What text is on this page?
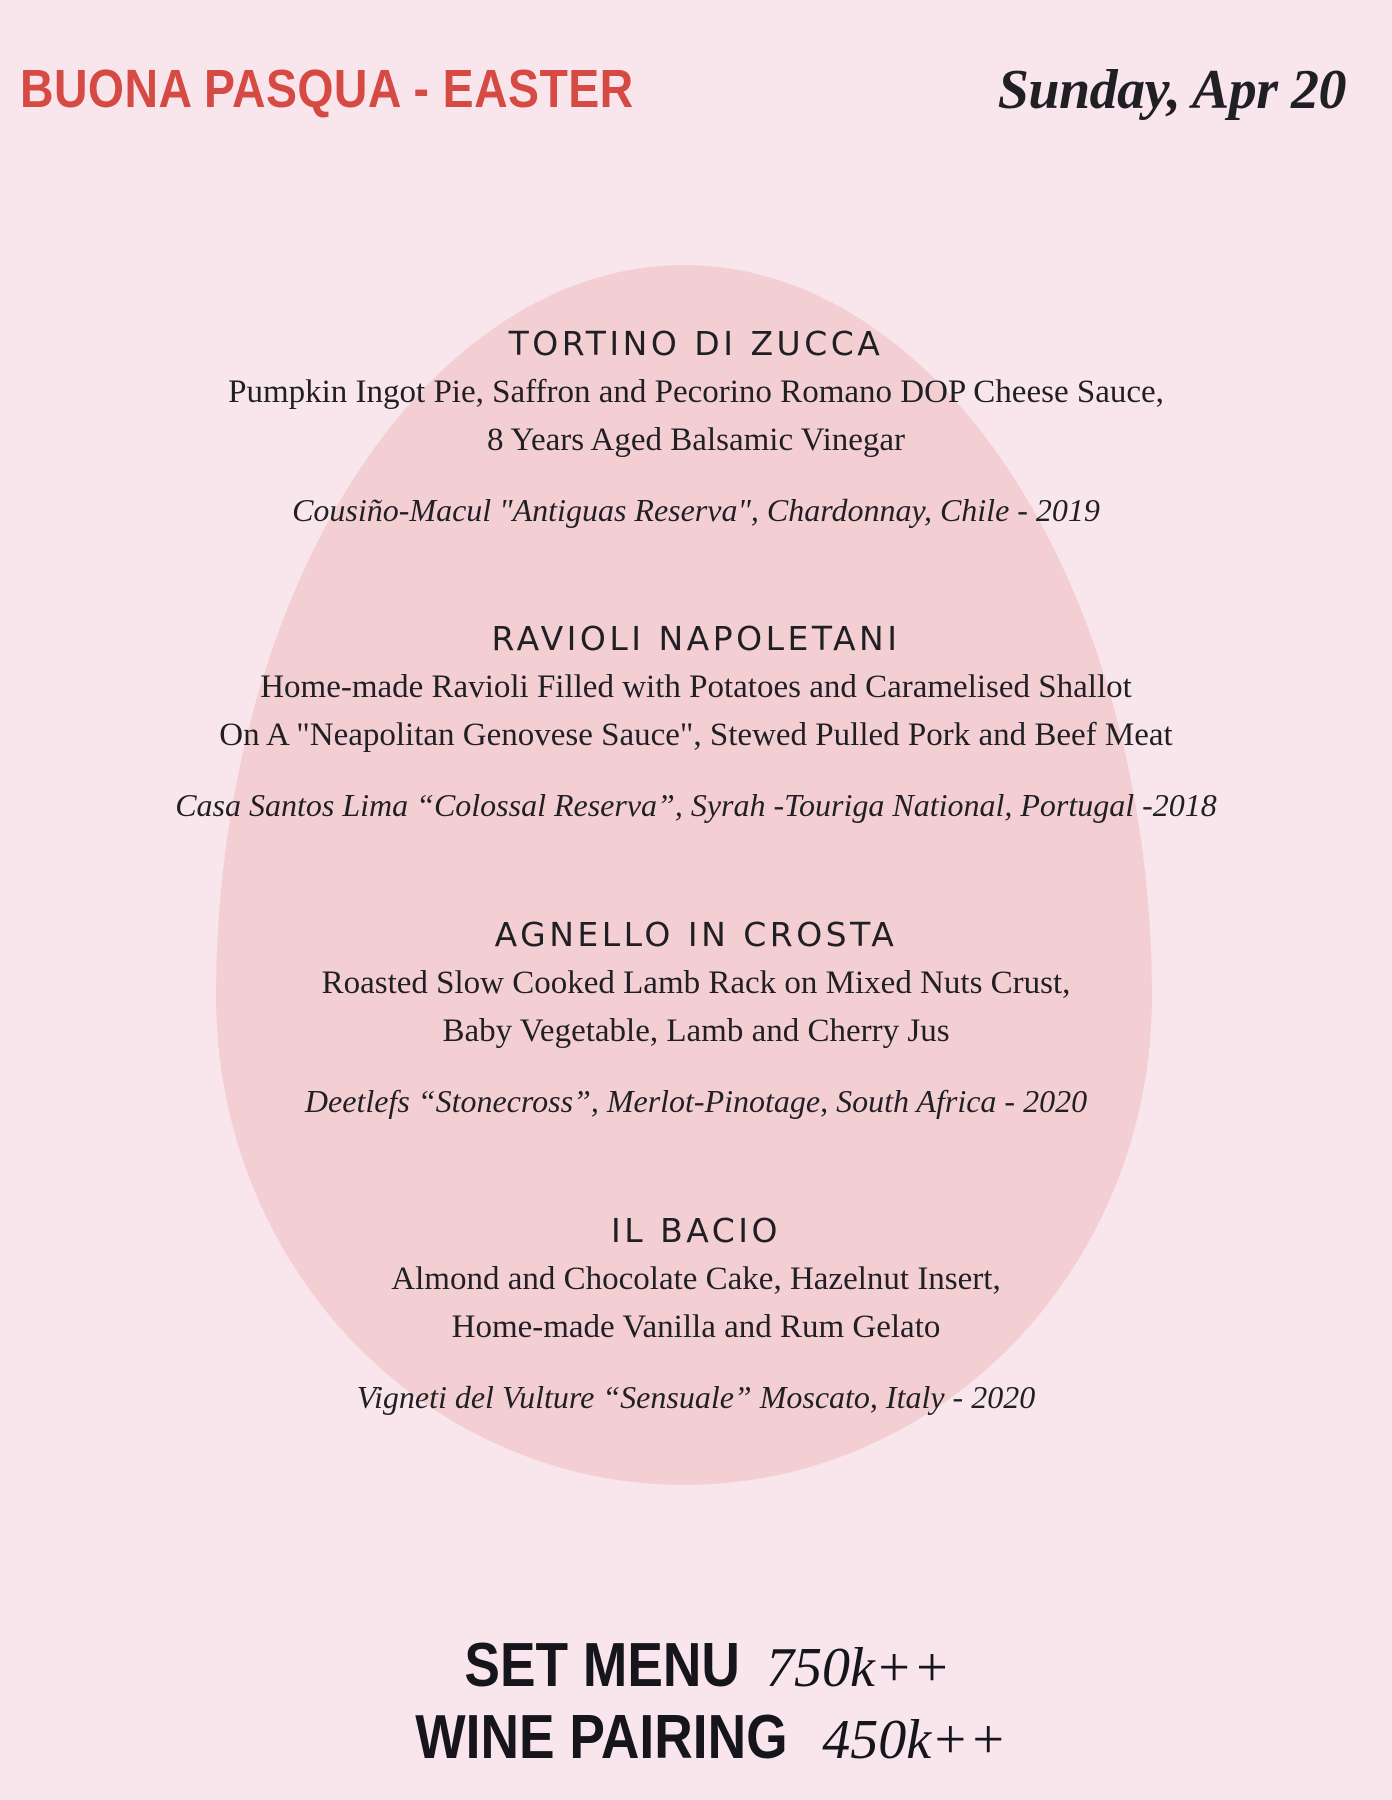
BUONA PASQUA - EASTER	Sunday, Apr 20
TORTINO DI ZUCCA
Pumpkin Ingot Pie, Saffron and Pecorino Romano DOP Cheese Sauce,
8 Years Aged Balsamic Vinegar
Cousiño-Macul "Antiguas Reserva", Chardonnay, Chile - 2019
RAVIOLI NAPOLETANI
Home-made Ravioli Filled with Potatoes and Caramelised Shallot
On A "Neapolitan Genovese Sauce", Stewed Pulled Pork and Beef Meat
Casa Santos Lima “Colossal Reserva”, Syrah -Touriga National, Portugal -2018
AGNELLO IN CROSTA
Roasted Slow Cooked Lamb Rack on Mixed Nuts Crust,
Baby Vegetable, Lamb and Cherry Jus
Deetlefs “Stonecross”, Merlot-Pinotage, South Africa - 2020
IL BACIO
Almond and Chocolate Cake, Hazelnut Insert,
Home-made Vanilla and Rum Gelato
Vigneti del Vulture “Sensuale” Moscato, Italy - 2020
SET MENU 750k++
WINE PAIRING 450k++
